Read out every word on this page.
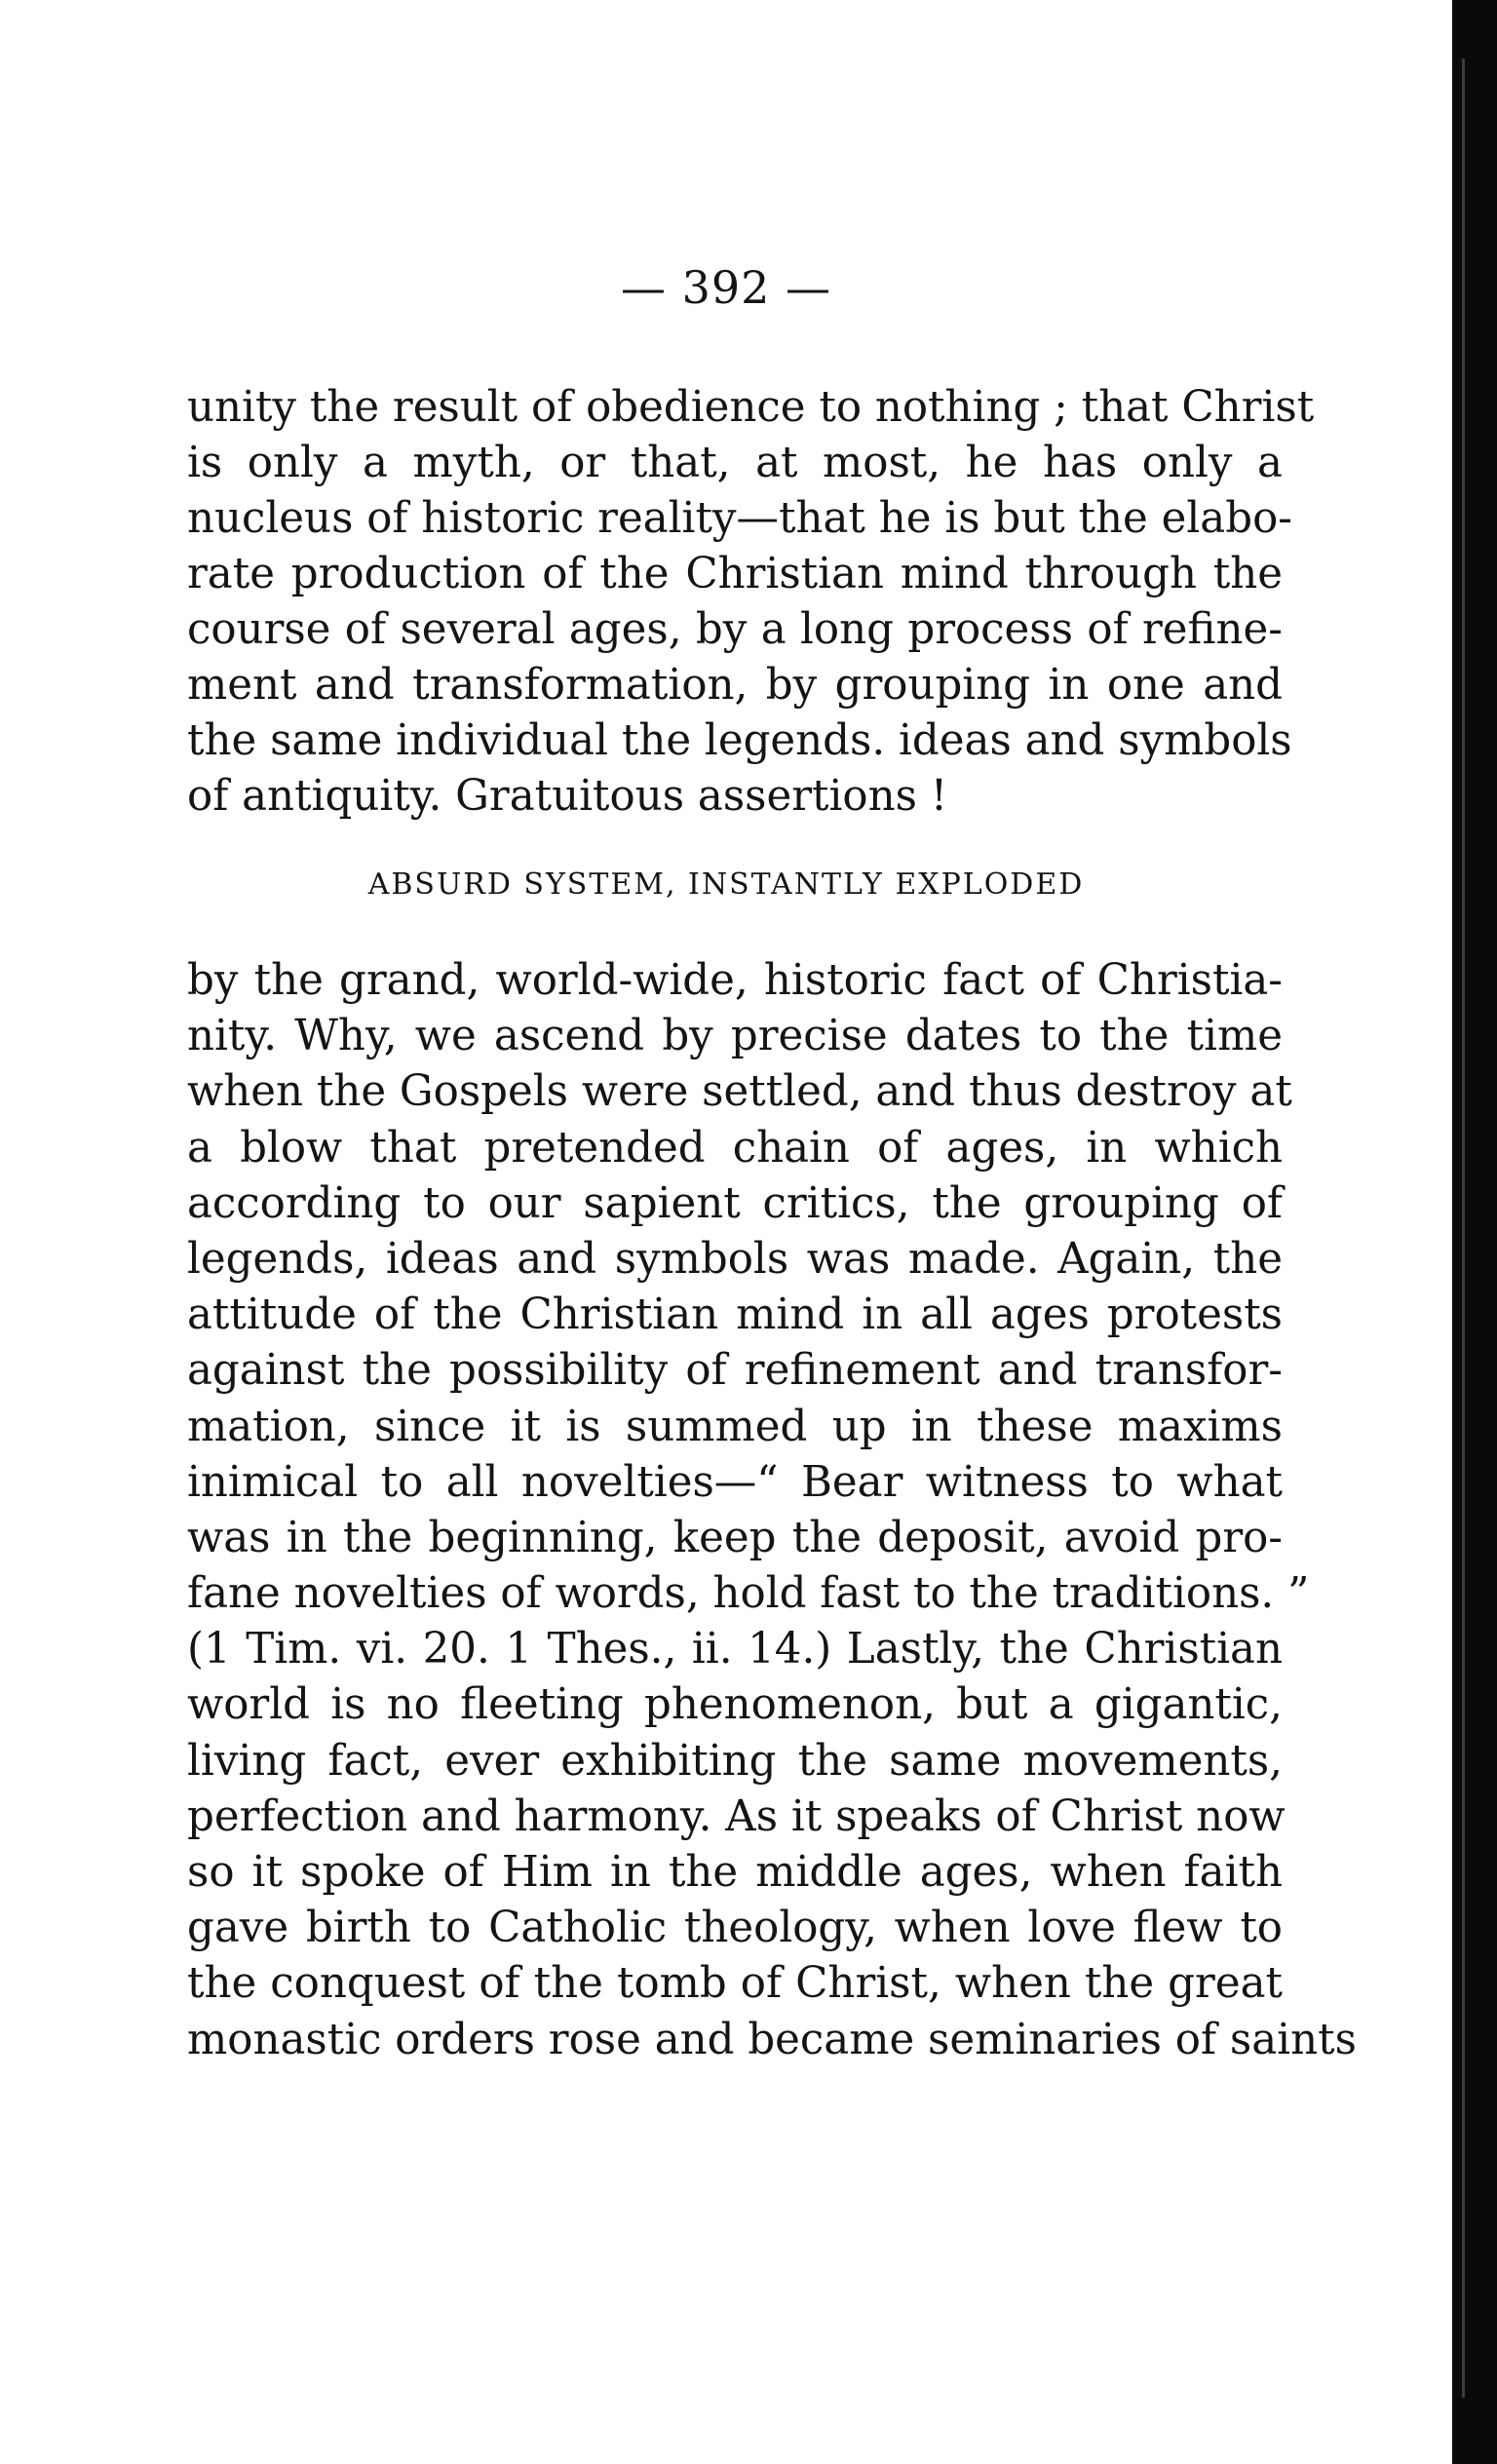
— 392 —
unity the result of obedience to nothing ; that Christ
is only a myth, or that, at most, he has only a
nucleus of historic reality—that he is but the elabo-
rate production of the Christian mind through the
course of several ages, by a long process of refine-
ment and transformation, by grouping in one and
the same individual the legends. ideas and symbols
of antiquity. Gratuitous assertions !
ABSURD SYSTEM, INSTANTLY EXPLODED
by the grand, world-wide, historic fact of Christia-
nity. Why, we ascend by precise dates to the time
when the Gospels were settled, and thus destroy at
a blow that pretended chain of ages, in which
according to our sapient critics, the grouping of
legends, ideas and symbols was made. Again, the
attitude of the Christian mind in all ages protests
against the possibility of refinement and transfor-
mation, since it is summed up in these maxims
inimical to all novelties—“ Bear witness to what
was in the beginning, keep the deposit, avoid pro-
fane novelties of words, hold fast to the traditions. ”
(1 Tim. vi. 20. 1 Thes., ii. 14.) Lastly, the Christian
world is no fleeting phenomenon, but a gigantic,
living fact, ever exhibiting the same movements,
perfection and harmony. As it speaks of Christ now
so it spoke of Him in the middle ages, when faith
gave birth to Catholic theology, when love flew to
the conquest of the tomb of Christ, when the great
monastic orders rose and became seminaries of saints
